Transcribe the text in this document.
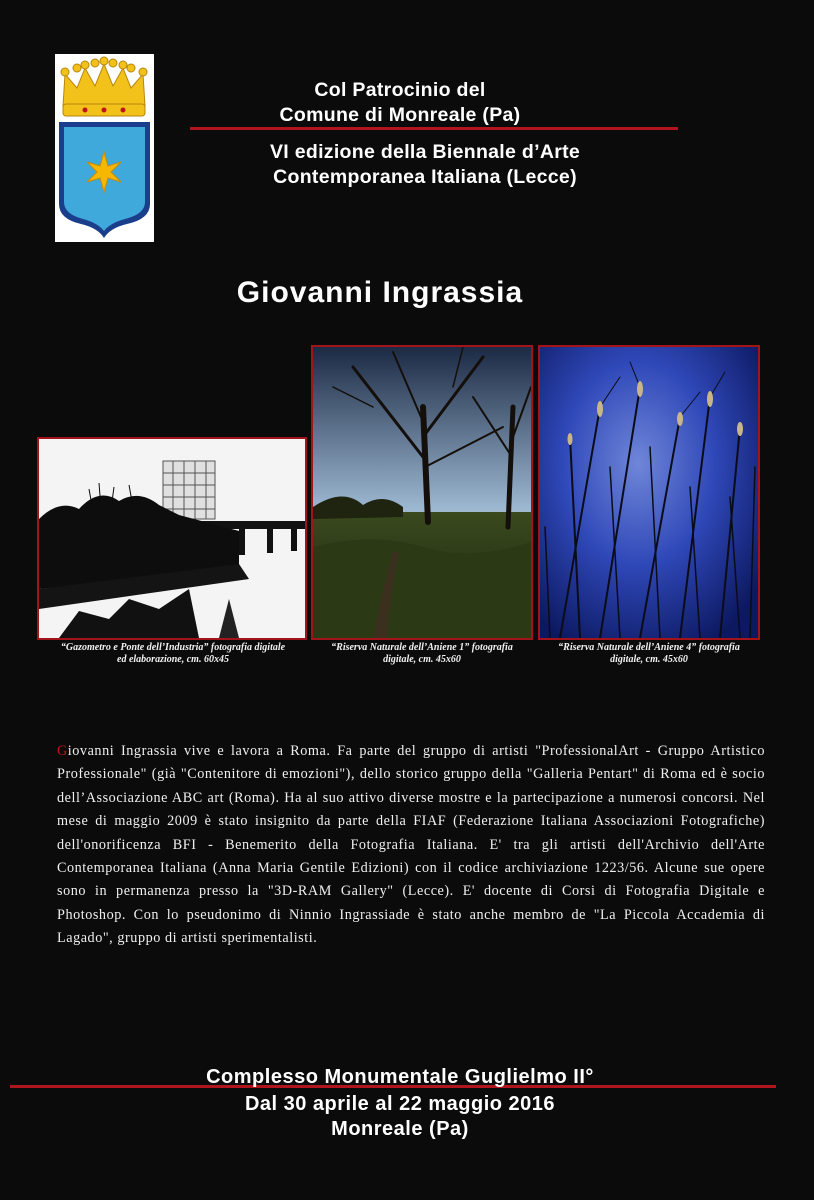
Col Patrocinio del
Comune di Monreale (Pa)
VI edizione della Biennale d’Arte
Contemporanea Italiana (Lecce)
Giovanni Ingrassia
“Gazometro e Ponte dell’Industria” fotografia digitale
ed elaborazione, cm. 60x45
“Riserva Naturale dell’Aniene 1” fotografia
digitale, cm. 45x60
“Riserva Naturale dell’Aniene 4” fotografia
digitale, cm. 45x60
Giovanni Ingrassia vive e lavora a Roma. Fa parte del gruppo di artisti "ProfessionalArt - Gruppo Artistico Professionale" (già "Contenitore di emozioni"), dello storico gruppo della "Galleria Pentart" di Roma ed è socio dell’Associazione ABC art (Roma). Ha al suo attivo diverse mostre e la partecipazione a numerosi concorsi. Nel mese di maggio 2009 è stato insignito da parte della FIAF (Federazione Italiana Associazioni Fotografiche) dell'onorificenza BFI - Benemerito della Fotografia Italiana. E' tra gli artisti dell'Archivio dell'Arte Contemporanea Italiana (Anna Maria Gentile Edizioni) con il codice archiviazione 1223/56. Alcune sue opere sono in permanenza presso la "3D-RAM Gallery" (Lecce). E' docente di Corsi di Fotografia Digitale e Photoshop. Con lo pseudonimo di Ninnio Ingrassiade è stato anche membro de "La Piccola Accademia di Lagado", gruppo di artisti sperimentalisti.
Complesso Monumentale Guglielmo II°
Dal 30 aprile al 22 maggio 2016
Monreale (Pa)
